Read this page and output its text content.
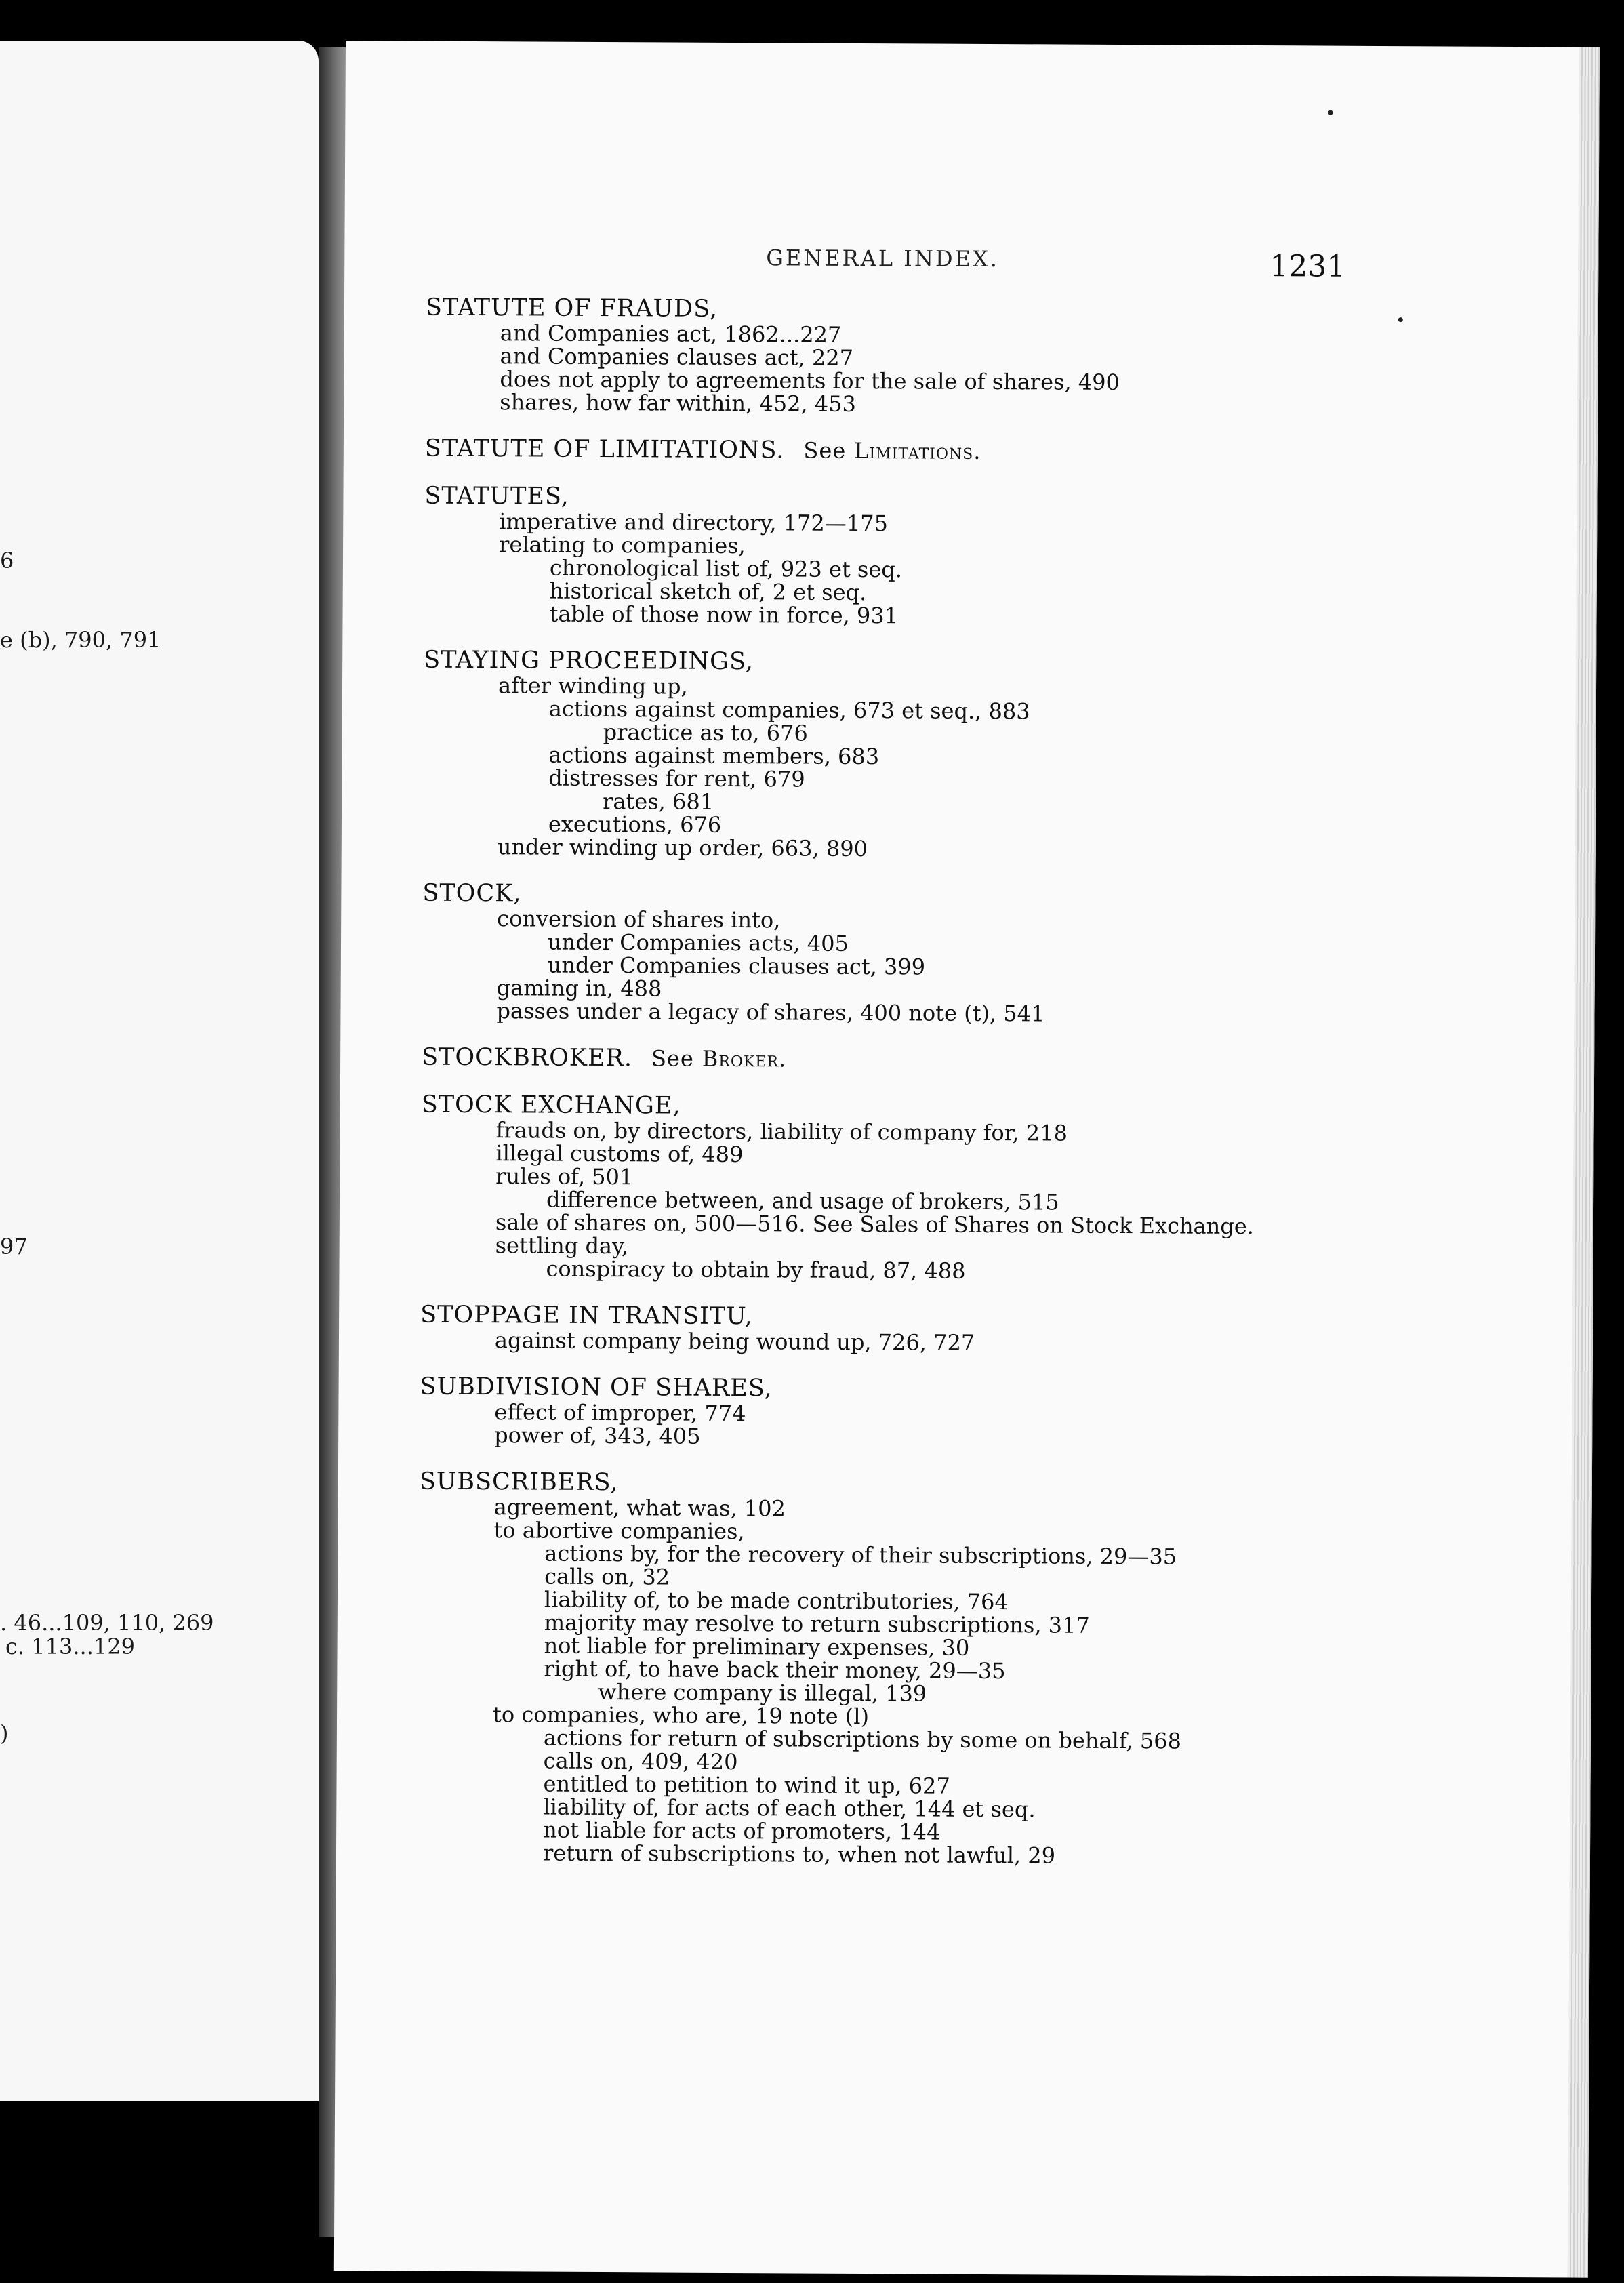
6
e (b), 790, 791
97
. 46...109, 110, 269
c. 113...129
)
GENERAL INDEX.	1231
STATUTE OF FRAUDS,
and Companies act, 1862...227
and Companies clauses act, 227
does not apply to agreements for the sale of shares, 490
shares, how far within, 452, 453
STATUTE OF LIMITATIONS. See Limitations.
STATUTES,
imperative and directory, 172—175
relating to companies,
chronological list of, 923 et seq.
historical sketch of, 2 et seq.
table of those now in force, 931
STAYING PROCEEDINGS,
after winding up,
actions against companies, 673 et seq., 883
practice as to, 676
actions against members, 683
distresses for rent, 679
rates, 681
executions, 676
under winding up order, 663, 890
STOCK,
conversion of shares into,
under Companies acts, 405
under Companies clauses act, 399
gaming in, 488
passes under a legacy of shares, 400 note (t), 541
STOCKBROKER. See Broker.
STOCK EXCHANGE,
frauds on, by directors, liability of company for, 218
illegal customs of, 489
rules of, 501
difference between, and usage of brokers, 515
sale of shares on, 500—516. See Sales of Shares on Stock Exchange.
settling day,
conspiracy to obtain by fraud, 87, 488
STOPPAGE IN TRANSITU,
against company being wound up, 726, 727
SUBDIVISION OF SHARES,
effect of improper, 774
power of, 343, 405
SUBSCRIBERS,
agreement, what was, 102
to abortive companies,
actions by, for the recovery of their subscriptions, 29—35
calls on, 32
liability of, to be made contributories, 764
majority may resolve to return subscriptions, 317
not liable for preliminary expenses, 30
right of, to have back their money, 29—35
where company is illegal, 139
to companies, who are, 19 note (l)
actions for return of subscriptions by some on behalf, 568
calls on, 409, 420
entitled to petition to wind it up, 627
liability of, for acts of each other, 144 et seq.
not liable for acts of promoters, 144
return of subscriptions to, when not lawful, 29
